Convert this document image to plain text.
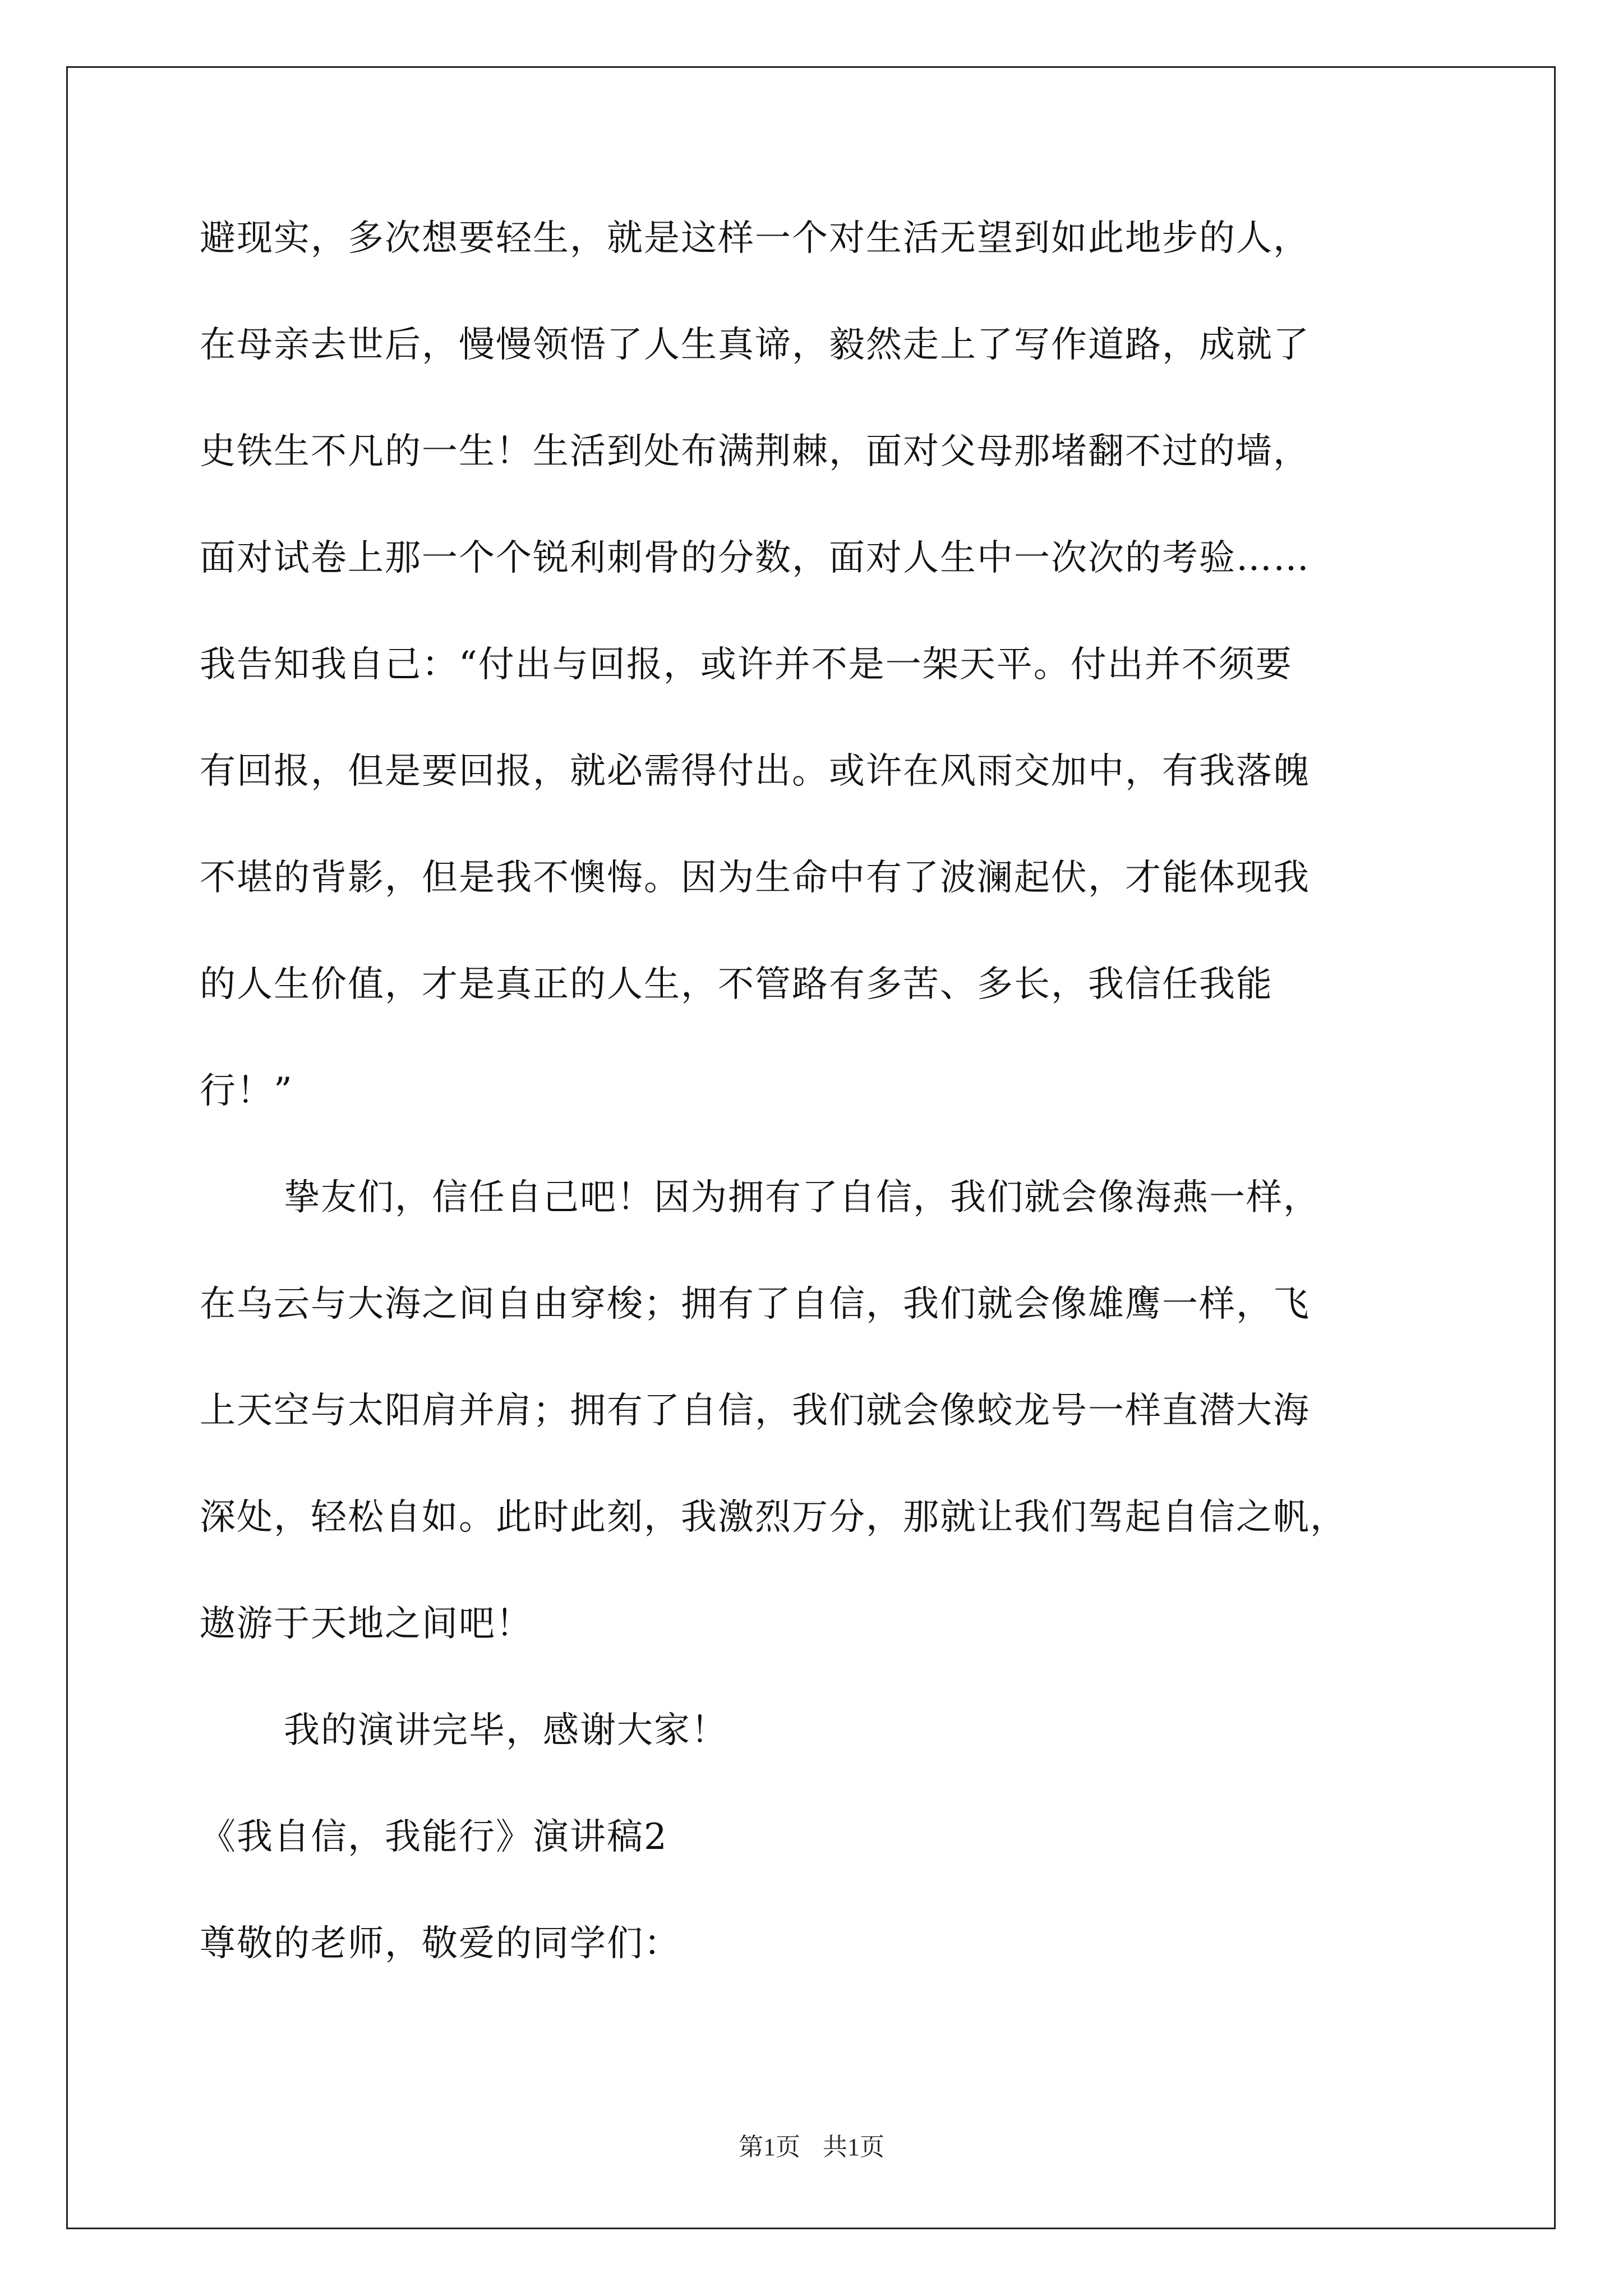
避现实，多次想要轻生，就是这样一个对生活无望到如此地步的人，
在母亲去世后，慢慢领悟了人生真谛，毅然走上了写作道路，成就了
史铁生不凡的一生！生活到处布满荆棘，面对父母那堵翻不过的墙，
面对试卷上那一个个锐利刺骨的分数，面对人生中一次次的考验……
我告知我自己：“付出与回报，或许并不是一架天平。付出并不须要
有回报，但是要回报，就必需得付出。或许在风雨交加中，有我落魄
不堪的背影，但是我不懊悔。因为生命中有了波澜起伏，才能体现我
的人生价值，才是真正的人生，不管路有多苦、多长，我信任我能
行！”
挚友们，信任自己吧！因为拥有了自信，我们就会像海燕一样，
在乌云与大海之间自由穿梭；拥有了自信，我们就会像雄鹰一样，飞
上天空与太阳肩并肩；拥有了自信，我们就会像蛟龙号一样直潜大海
深处，轻松自如。此时此刻，我激烈万分，那就让我们驾起自信之帆，
遨游于天地之间吧！
我的演讲完毕，感谢大家！
《我自信，我能行》演讲稿2
尊敬的老师，敬爱的同学们：
第1页 共1页
